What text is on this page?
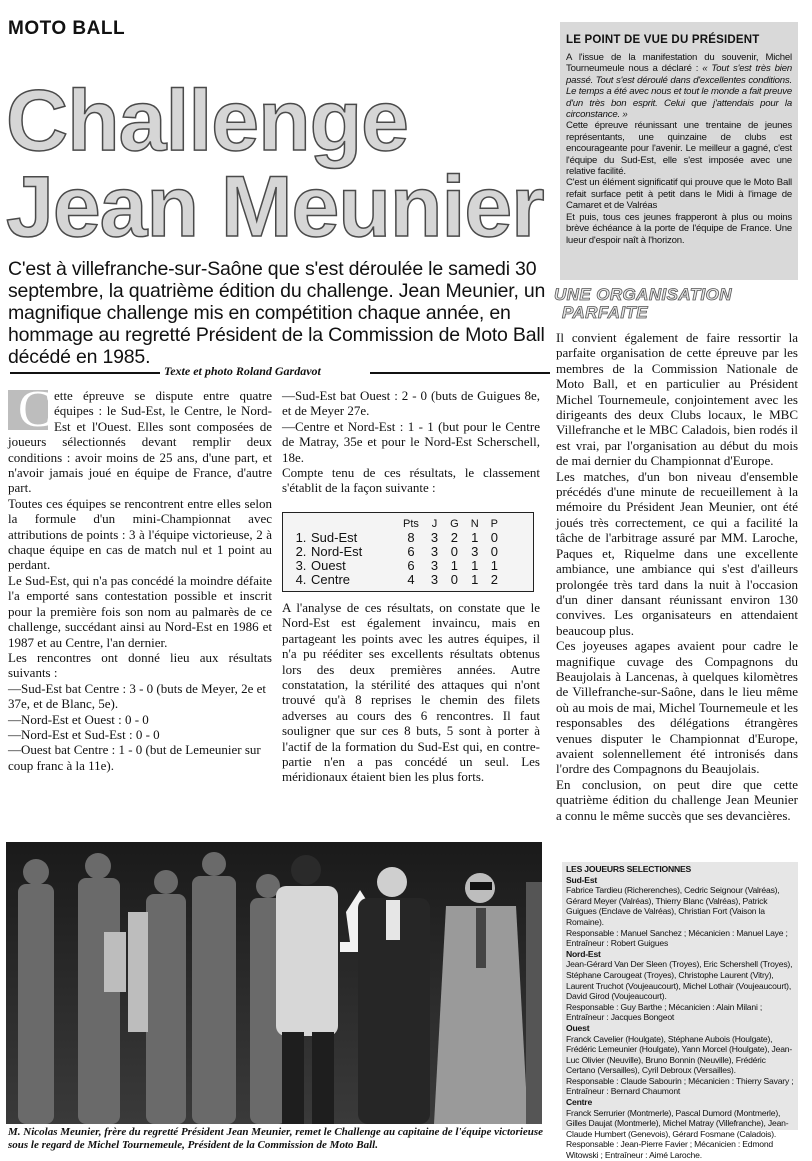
MOTO BALL
Challenge
Jean Meunier
C'est à villefranche-sur-Saône que s'est déroulée le samedi 30 septembre, la quatrième édition du challenge. Jean Meunier, un magnifique challenge mis en compétition chaque année, en hommage au regretté Président de la Commission de Moto Ball décédé en 1985.
Texte et photo Roland Gardavot
C ette épreuve se dispute entre quatre équipes : le Sud-Est, le Centre, le Nord-Est et l'Ouest. Elles sont composées de joueurs sélectionnés devant remplir deux conditions : avoir moins de 25 ans, d'une part, et n'avoir jamais joué en équipe de France, d'autre part.

Toutes ces équipes se rencontrent entre elles selon la formule d'un mini-Championnat avec attributions de points : 3 à l'équipe victorieuse, 2 à chaque équipe en cas de match nul et 1 point au perdant.

Le Sud-Est, qui n'a pas concédé la moindre défaite l'a emporté sans contestation possible et inscrit pour la première fois son nom au palmarès de ce challenge, succédant ainsi au Nord-Est en 1986 et 1987 et au Centre, l'an dernier.

Les rencontres ont donné lieu aux résultats suivants :

—Sud-Est bat Centre : 3 - 0 (buts de Meyer, 2e et 37e, et de Blanc, 5e).

—Nord-Est et Ouest : 0 - 0

—Nord-Est et Sud-Est : 0 - 0

—Ouest bat Centre : 1 - 0 (but de Lemeunier sur coup franc à la 11e).

—Sud-Est bat Ouest : 2 - 0 (buts de Guigues 8e, et de Meyer 27e.

—Centre et Nord-Est : 1 - 1 (but pour le Centre de Matray, 35e et pour le Nord-Est Scherschell, 18e.

Compte tenu de ces résultats, le classement s'établit de la façon suivante :

		Pts	J	G	N	P
1.	Sud-Est	8	3	2	1	0
2.	Nord-Est	6	3	0	3	0
3.	Ouest	6	3	1	1	1
4.	Centre	4	3	0	1	2

A l'analyse de ces résultats, on constate que le Nord-Est est également invaincu, mais en partageant les points avec les autres équipes, il n'a pu rééditer ses excellents résultats obtenus lors des deux premières années. Autre constatation, la stérilité des attaques qui n'ont trouvé qu'à 8 reprises le chemin des filets adverses au cours des 6 rencontres. Il faut souligner que sur ces 8 buts, 5 sont à porter à l'actif de la formation du Sud-Est qui, en contre-partie n'en a pas concédé un seul. Les méridionaux étaient bien les plus forts.

LE POINT DE VUE DU PRÉSIDENT

A l'issue de la manifestation du souvenir, Michel Tourneumeule nous a déclaré : « Tout s'est très bien passé. Tout s'est déroulé dans d'excellentes conditions. Le temps a été avec nous et tout le monde a fait preuve d'un très bon esprit. Celui que j'attendais pour la circonstance. »

Cette épreuve réunissant une trentaine de jeunes représentants, une quinzaine de clubs est encourageante pour l'avenir. Le meilleur a gagné, c'est l'équipe du Sud-Est, elle s'est imposée avec une relative facilité.

C'est un élément significatif qui prouve que le Moto Ball refait surface petit à petit dans le Midi à l'image de Camaret et de Valréas

Et puis, tous ces jeunes frapperont à plus ou moins brève échéance à la porte de l'équipe de France. Une lueur d'espoir naît à l'horizon.

UNE ORGANISATION
PARFAITE

Il convient également de faire ressortir la parfaite organisation de cette épreuve par les membres de la Commission Nationale de Moto Ball, et en particulier au Président Michel Tournemeule, conjointement avec les dirigeants des deux Clubs locaux, le MBC Villefranche et le MBC Caladois, bien rodés il est vrai, par l'organisation au début du mois de mai dernier du Championnat d'Europe.

Les matches, d'un bon niveau d'ensemble précédés d'une minute de recueillement à la mémoire du Président Jean Meunier, ont été joués très correctement, ce qui a facilité la tâche de l'arbitrage assuré par MM. Laroche, Paques et, Riquelme dans une excellente ambiance, une ambiance qui s'est d'ailleurs prolongée très tard dans la nuit à l'occasion d'un diner dansant réunissant environ 130 convives. Les organisateurs en attendaient beaucoup plus.

Ces joyeuses agapes avaient pour cadre le magnifique cuvage des Compagnons du Beaujolais à Lancenas, à quelques kilomètres de Villefranche-sur-Saône, dans le lieu même où au mois de mai, Michel Tournemeule et les responsables des délégations étrangères venues disputer le Championnat d'Europe, avaient solennellement été intronisés dans l'ordre des Compagnons du Beaujolais.

En conclusion, on peut dire que cette quatrième édition du challenge Jean Meunier a connu le même succès que ses devancières.

LES JOUEURS SELECTIONNES

Sud-Est

Fabrice Tardieu (Richerenches), Cedric Seignour (Valréas), Gérard Meyer (Valréas), Thierry Blanc (Valréas), Patrick Guigues (Enclave de Valréas), Christian Fort (Vaison la Romaine).

Responsable : Manuel Sanchez ; Mécanicien : Manuel Laye ; Entraîneur : Robert Guigues

Nord-Est

Jean-Gérard Van Der Sleen (Troyes), Eric Schershell (Troyes), Stéphane Carougeat (Troyes), Christophe Laurent (Vitry), Laurent Truchot (Voujeaucourt), Michel Lothair (Voujeaucourt), David Girod (Voujeaucourt).

Responsable : Guy Barthe ; Mécanicien : Alain Milani ; Entraîneur : Jacques Bongeot

Ouest

Franck Cavelier (Houlgate), Stéphane Aubois (Houlgate), Frédéric Lemeunier (Houlgate), Yann Morcel (Houlgate), Jean-Luc Olivier (Neuville), Bruno Bonnin (Neuville), Frédéric Certano (Versailles), Cyril Debroux (Versailles).

Responsable : Claude Sabourin ; Mécanicien : Thierry Savary ; Entraîneur : Bernard Chaumont

Centre

Franck Serrurier (Montmerle), Pascal Dumord (Montmerle), Gilles Daujat (Montmerle), Michel Matray (Villefranche), Jean-Claude Humbert (Genevois), Gérard Fosmane (Caladois).

Responsable : Jean-Pierre Favier ; Mécanicien : Edmond Witowski ; Entraîneur : Aimé Laroche.

M. Nicolas Meunier, frère du regretté Président Jean Meunier, remet le Challenge au capitaine de l'équipe victorieuse sous le regard de Michel Tournemeule, Président de la Commission de Moto Ball.
